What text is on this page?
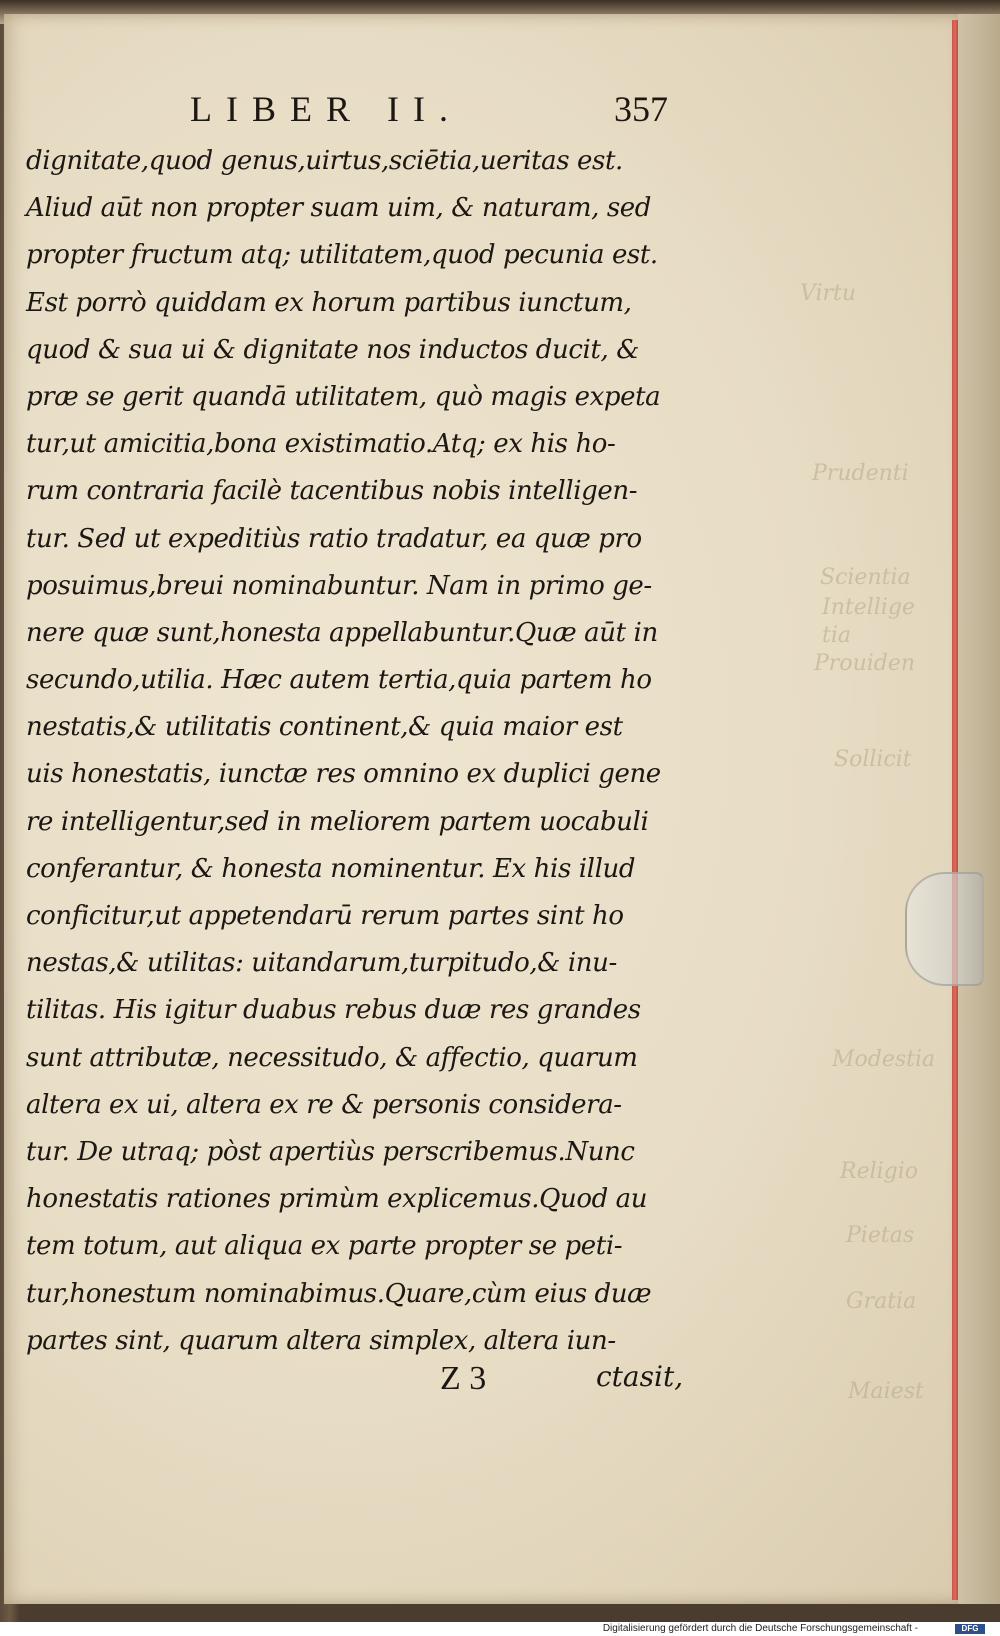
Virtu
Prudenti
Scientia
Intellige
tia
Prouiden
Sollicit
Modestia
Religio
Pietas
Gratia
Maiest
LIBER II.	357
dignitate,quod genus,uirtus,sciētia,ueritas est.
Aliud aūt non propter suam uim, & naturam, sed
propter fructum atq; utilitatem,quod pecunia est.
Est porrò quiddam ex horum partibus iunctum,
quod & sua ui & dignitate nos inductos ducit, &
præ se gerit quandā utilitatem, quò magis expeta
tur,ut amicitia,bona existimatio.Atq; ex his ho-
rum contraria facilè tacentibus nobis intelligen-
tur. Sed ut expeditiùs ratio tradatur, ea quæ pro
posuimus,breui nominabuntur. Nam in primo ge-
nere quæ sunt,honesta appellabuntur.Quæ aūt in
secundo,utilia. Hæc autem tertia,quia partem ho
nestatis,& utilitatis continent,& quia maior est
uis honestatis, iunctæ res omnino ex duplici gene
re intelligentur,sed in meliorem partem uocabuli
conferantur, & honesta nominentur. Ex his illud
conficitur,ut appetendarū rerum partes sint ho
nestas,& utilitas: uitandarum,turpitudo,& inu-
tilitas. His igitur duabus rebus duæ res grandes
sunt attributæ, necessitudo, & affectio, quarum
altera ex ui, altera ex re & personis considera-
tur. De utraq; pòst apertiùs perscribemus.Nunc
honestatis rationes primùm explicemus.Quod au
tem totum, aut aliqua ex parte propter se peti-
tur,honestum nominabimus.Quare,cùm eius duæ
partes sint, quarum altera simplex, altera iun-
Z 3	ctasit,
Digitalisierung gefördert durch die Deutsche Forschungsgemeinschaft -	DFG
